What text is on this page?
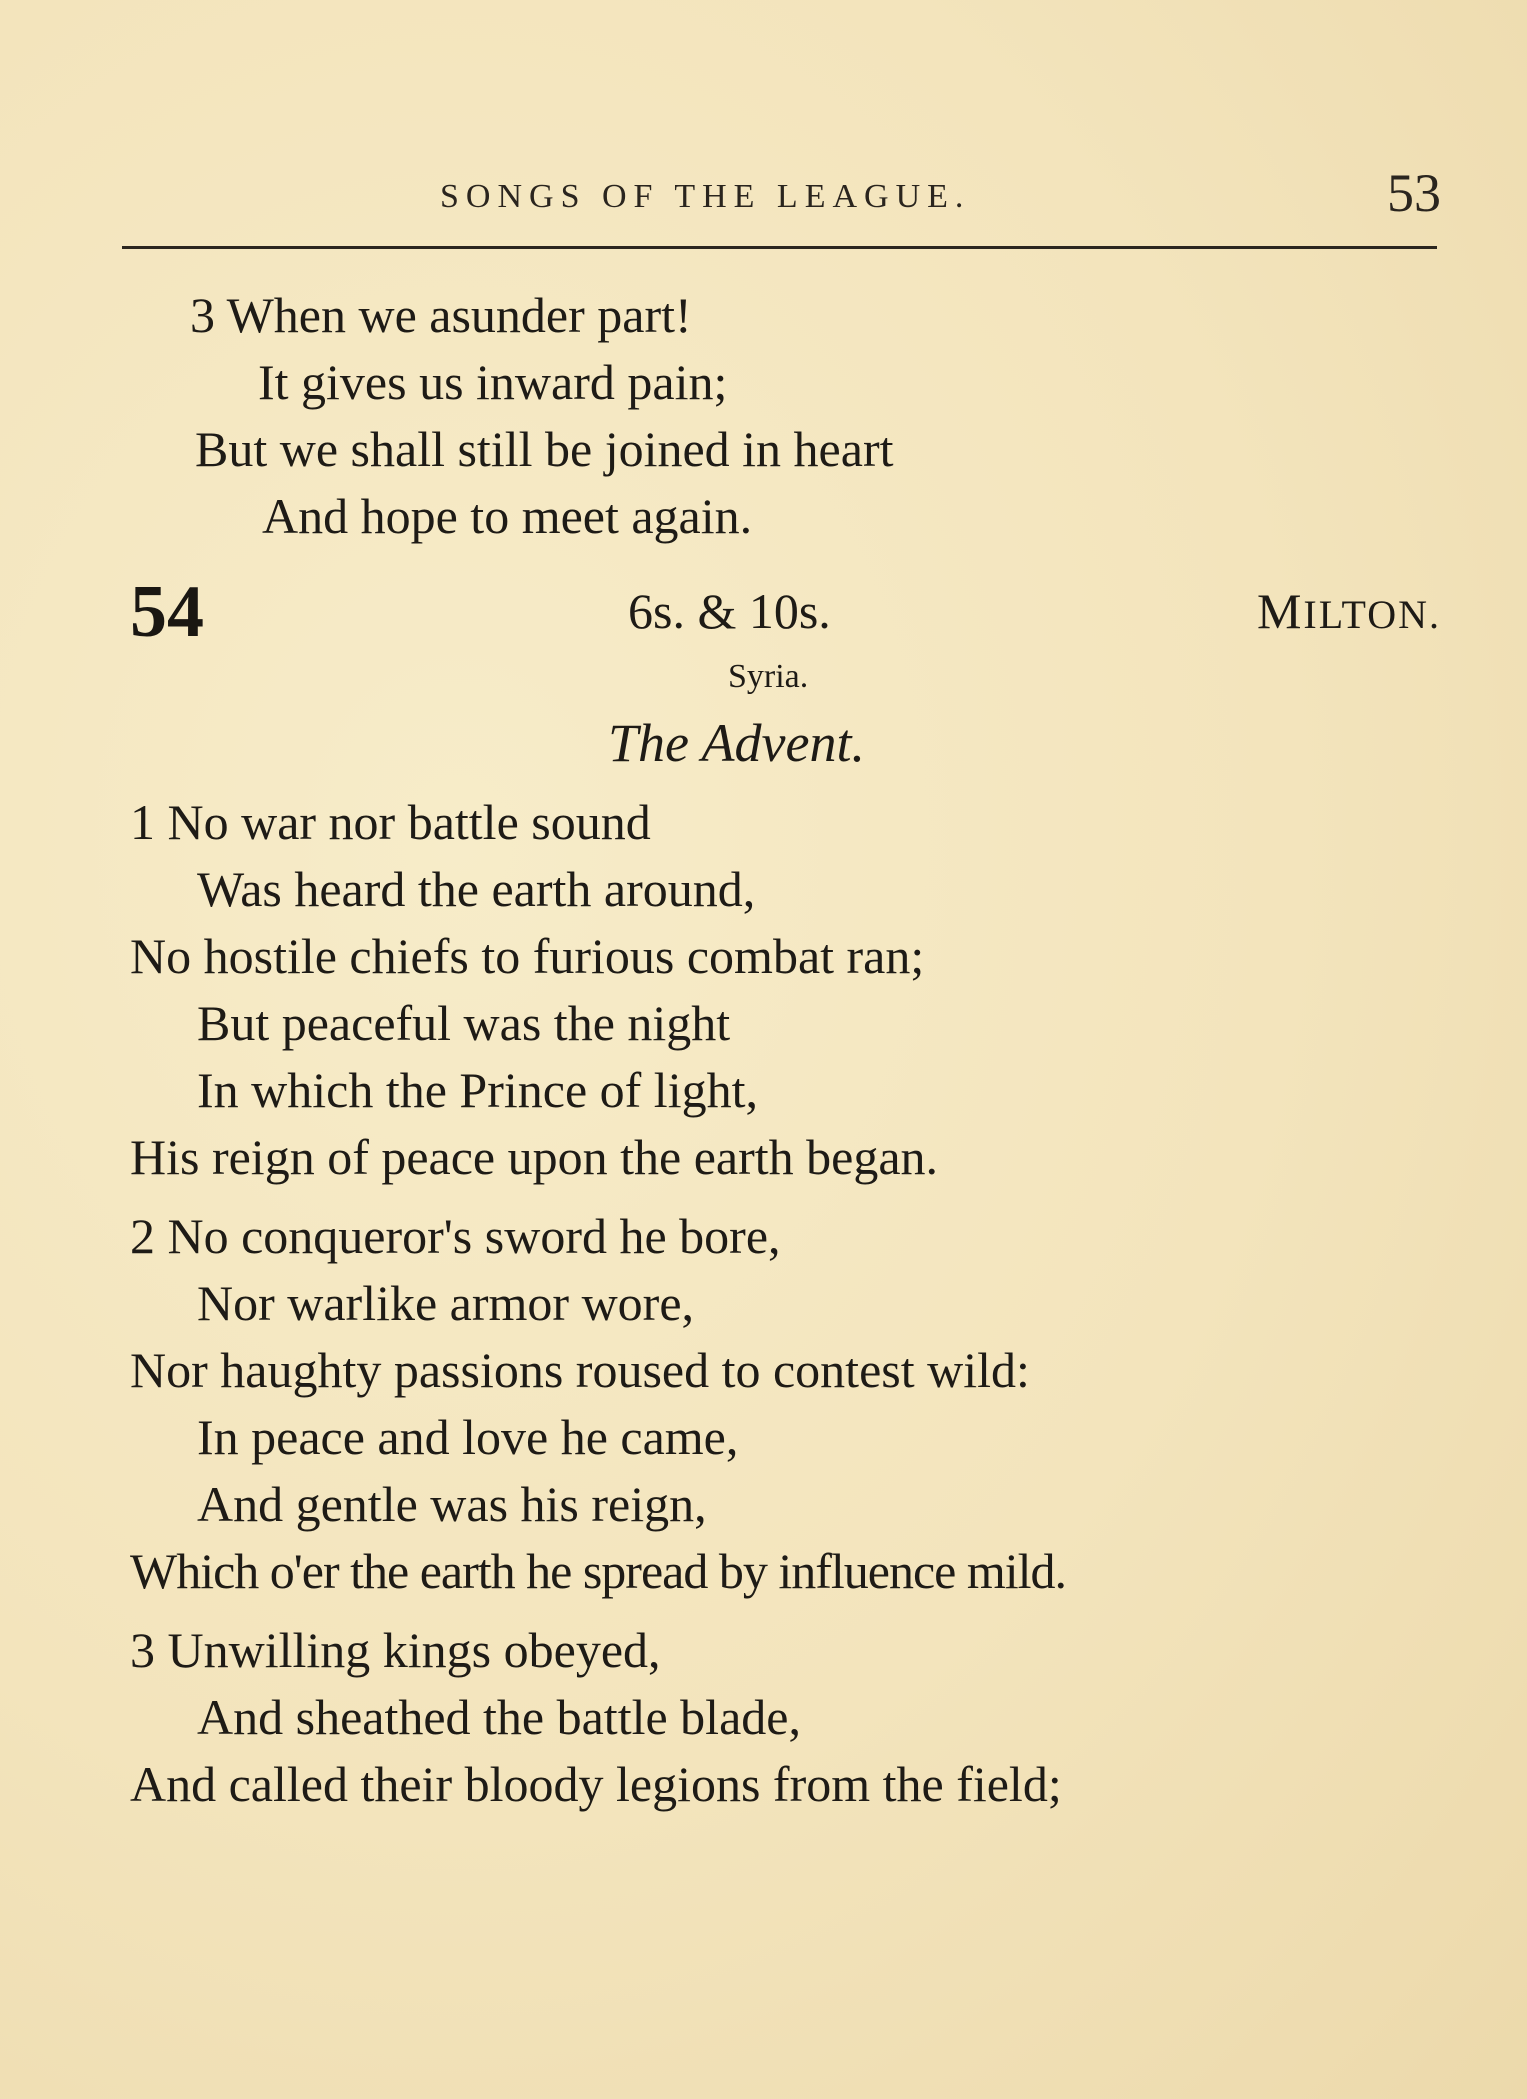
SONGS OF THE LEAGUE.	53
3 When we asunder part!
It gives us inward pain;
But we shall still be joined in heart
And hope to meet again.
54	6s. & 10s.	MILTON.
Syria.
The Advent.
1 No war nor battle sound
Was heard the earth around,
No hostile chiefs to furious combat ran;
But peaceful was the night
In which the Prince of light,
His reign of peace upon the earth began.
2 No conqueror's sword he bore,
Nor warlike armor wore,
Nor haughty passions roused to contest wild:
In peace and love he came,
And gentle was his reign,
Which o'er the earth he spread by influence mild.
3 Unwilling kings obeyed,
And sheathed the battle blade,
And called their bloody legions from the field;
